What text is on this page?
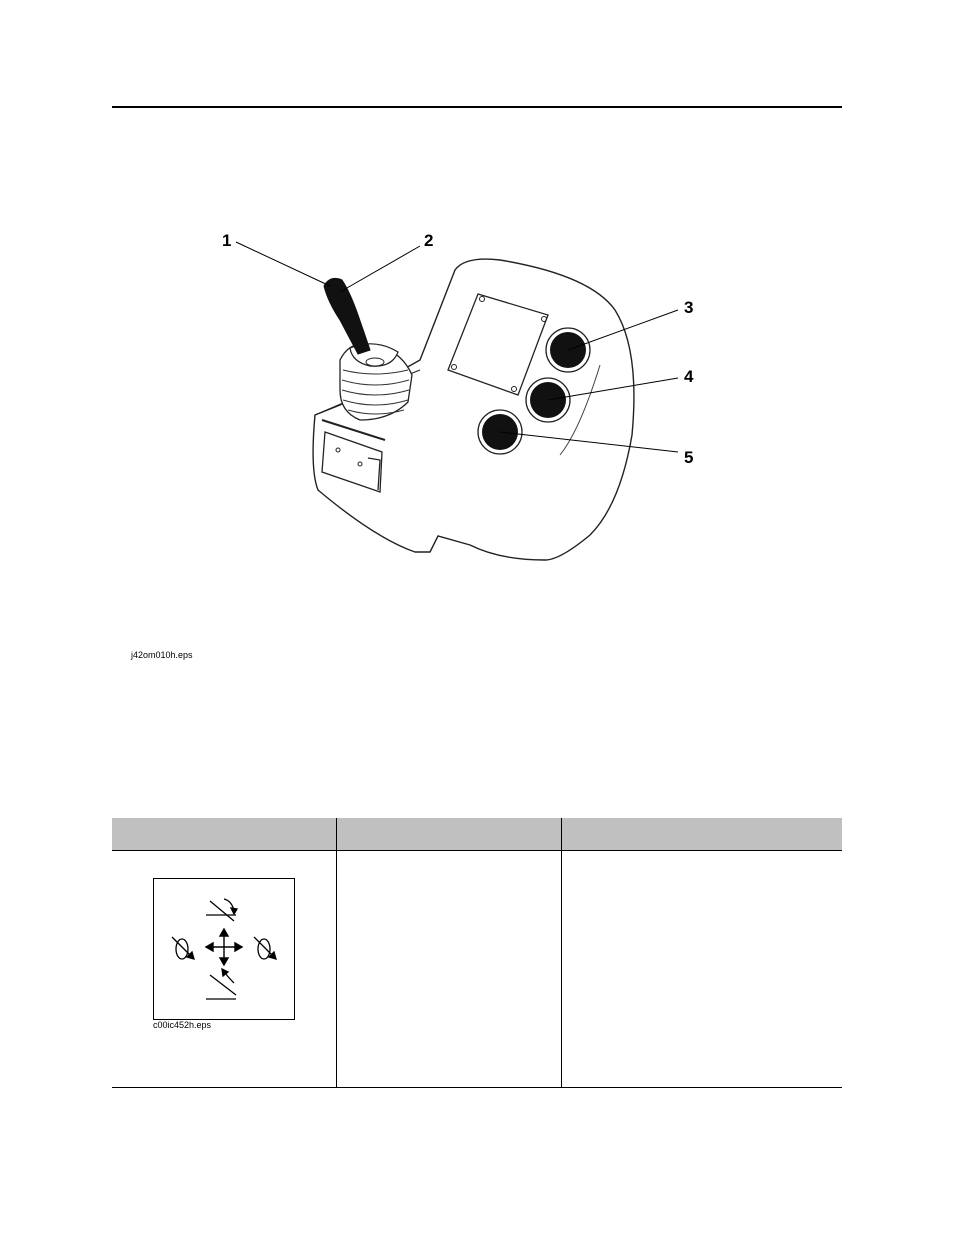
1	2
3
4
5
j42om010h.eps
c00ic452h.eps
